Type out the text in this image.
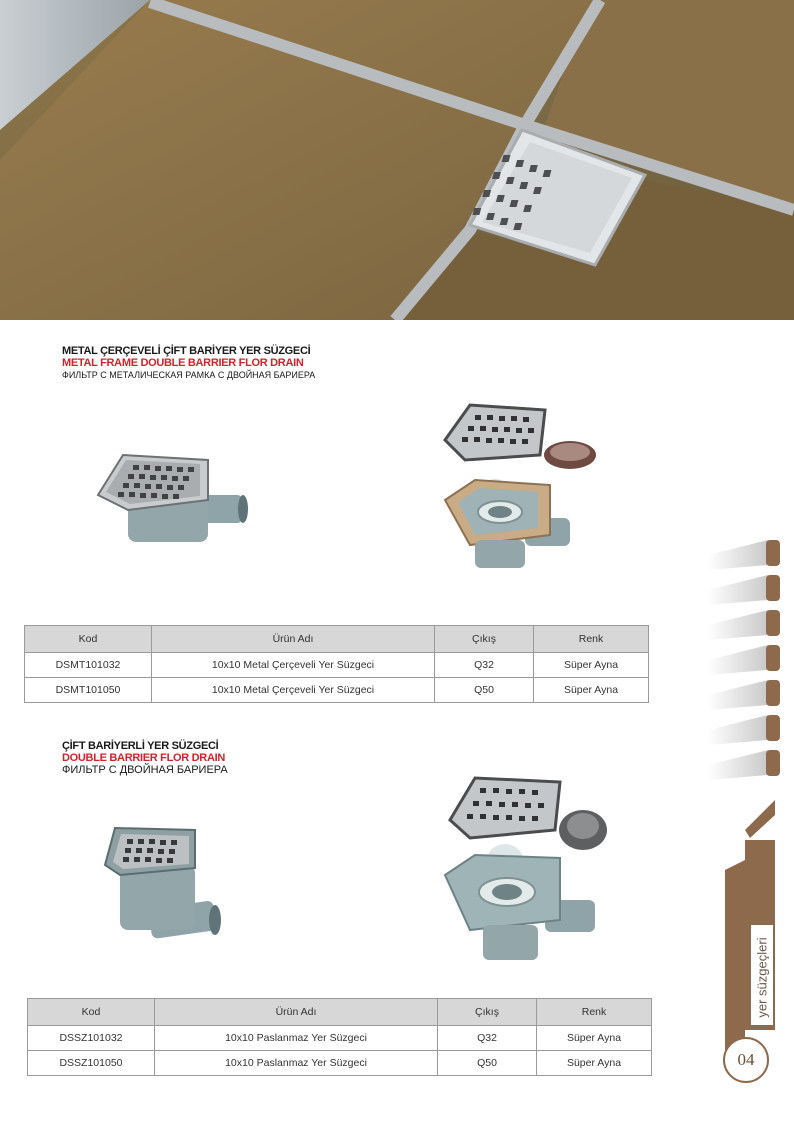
METAL ÇERÇEVELİ ÇİFT BARİYER YER SÜZGECİ
METAL FRAME DOUBLE BARRIER FLOR DRAIN
ФИЛЬТР С МЕТАЛИЧЕСКАЯ РАМКА С ДВОЙНАЯ БАРИЕРА
Kod	Ürün Adı	Çıkış	Renk
DSMT101032	10x10 Metal Çerçeveli Yer Süzgeci	Q32	Süper Ayna
DSMT101050	10x10 Metal Çerçeveli Yer Süzgeci	Q50	Süper Ayna
ÇİFT BARİYERLİ YER SÜZGECİ
DOUBLE BARRIER FLOR DRAIN
ФИЛЬТР С ДВОЙНАЯ БАРИЕРА
Kod	Ürün Adı	Çıkış	Renk
DSSZ101032	10x10 Paslanmaz Yer Süzgeci	Q32	Süper Ayna
DSSZ101050	10x10 Paslanmaz Yer Süzgeci	Q50	Süper Ayna
yer süzgeçleri
04
